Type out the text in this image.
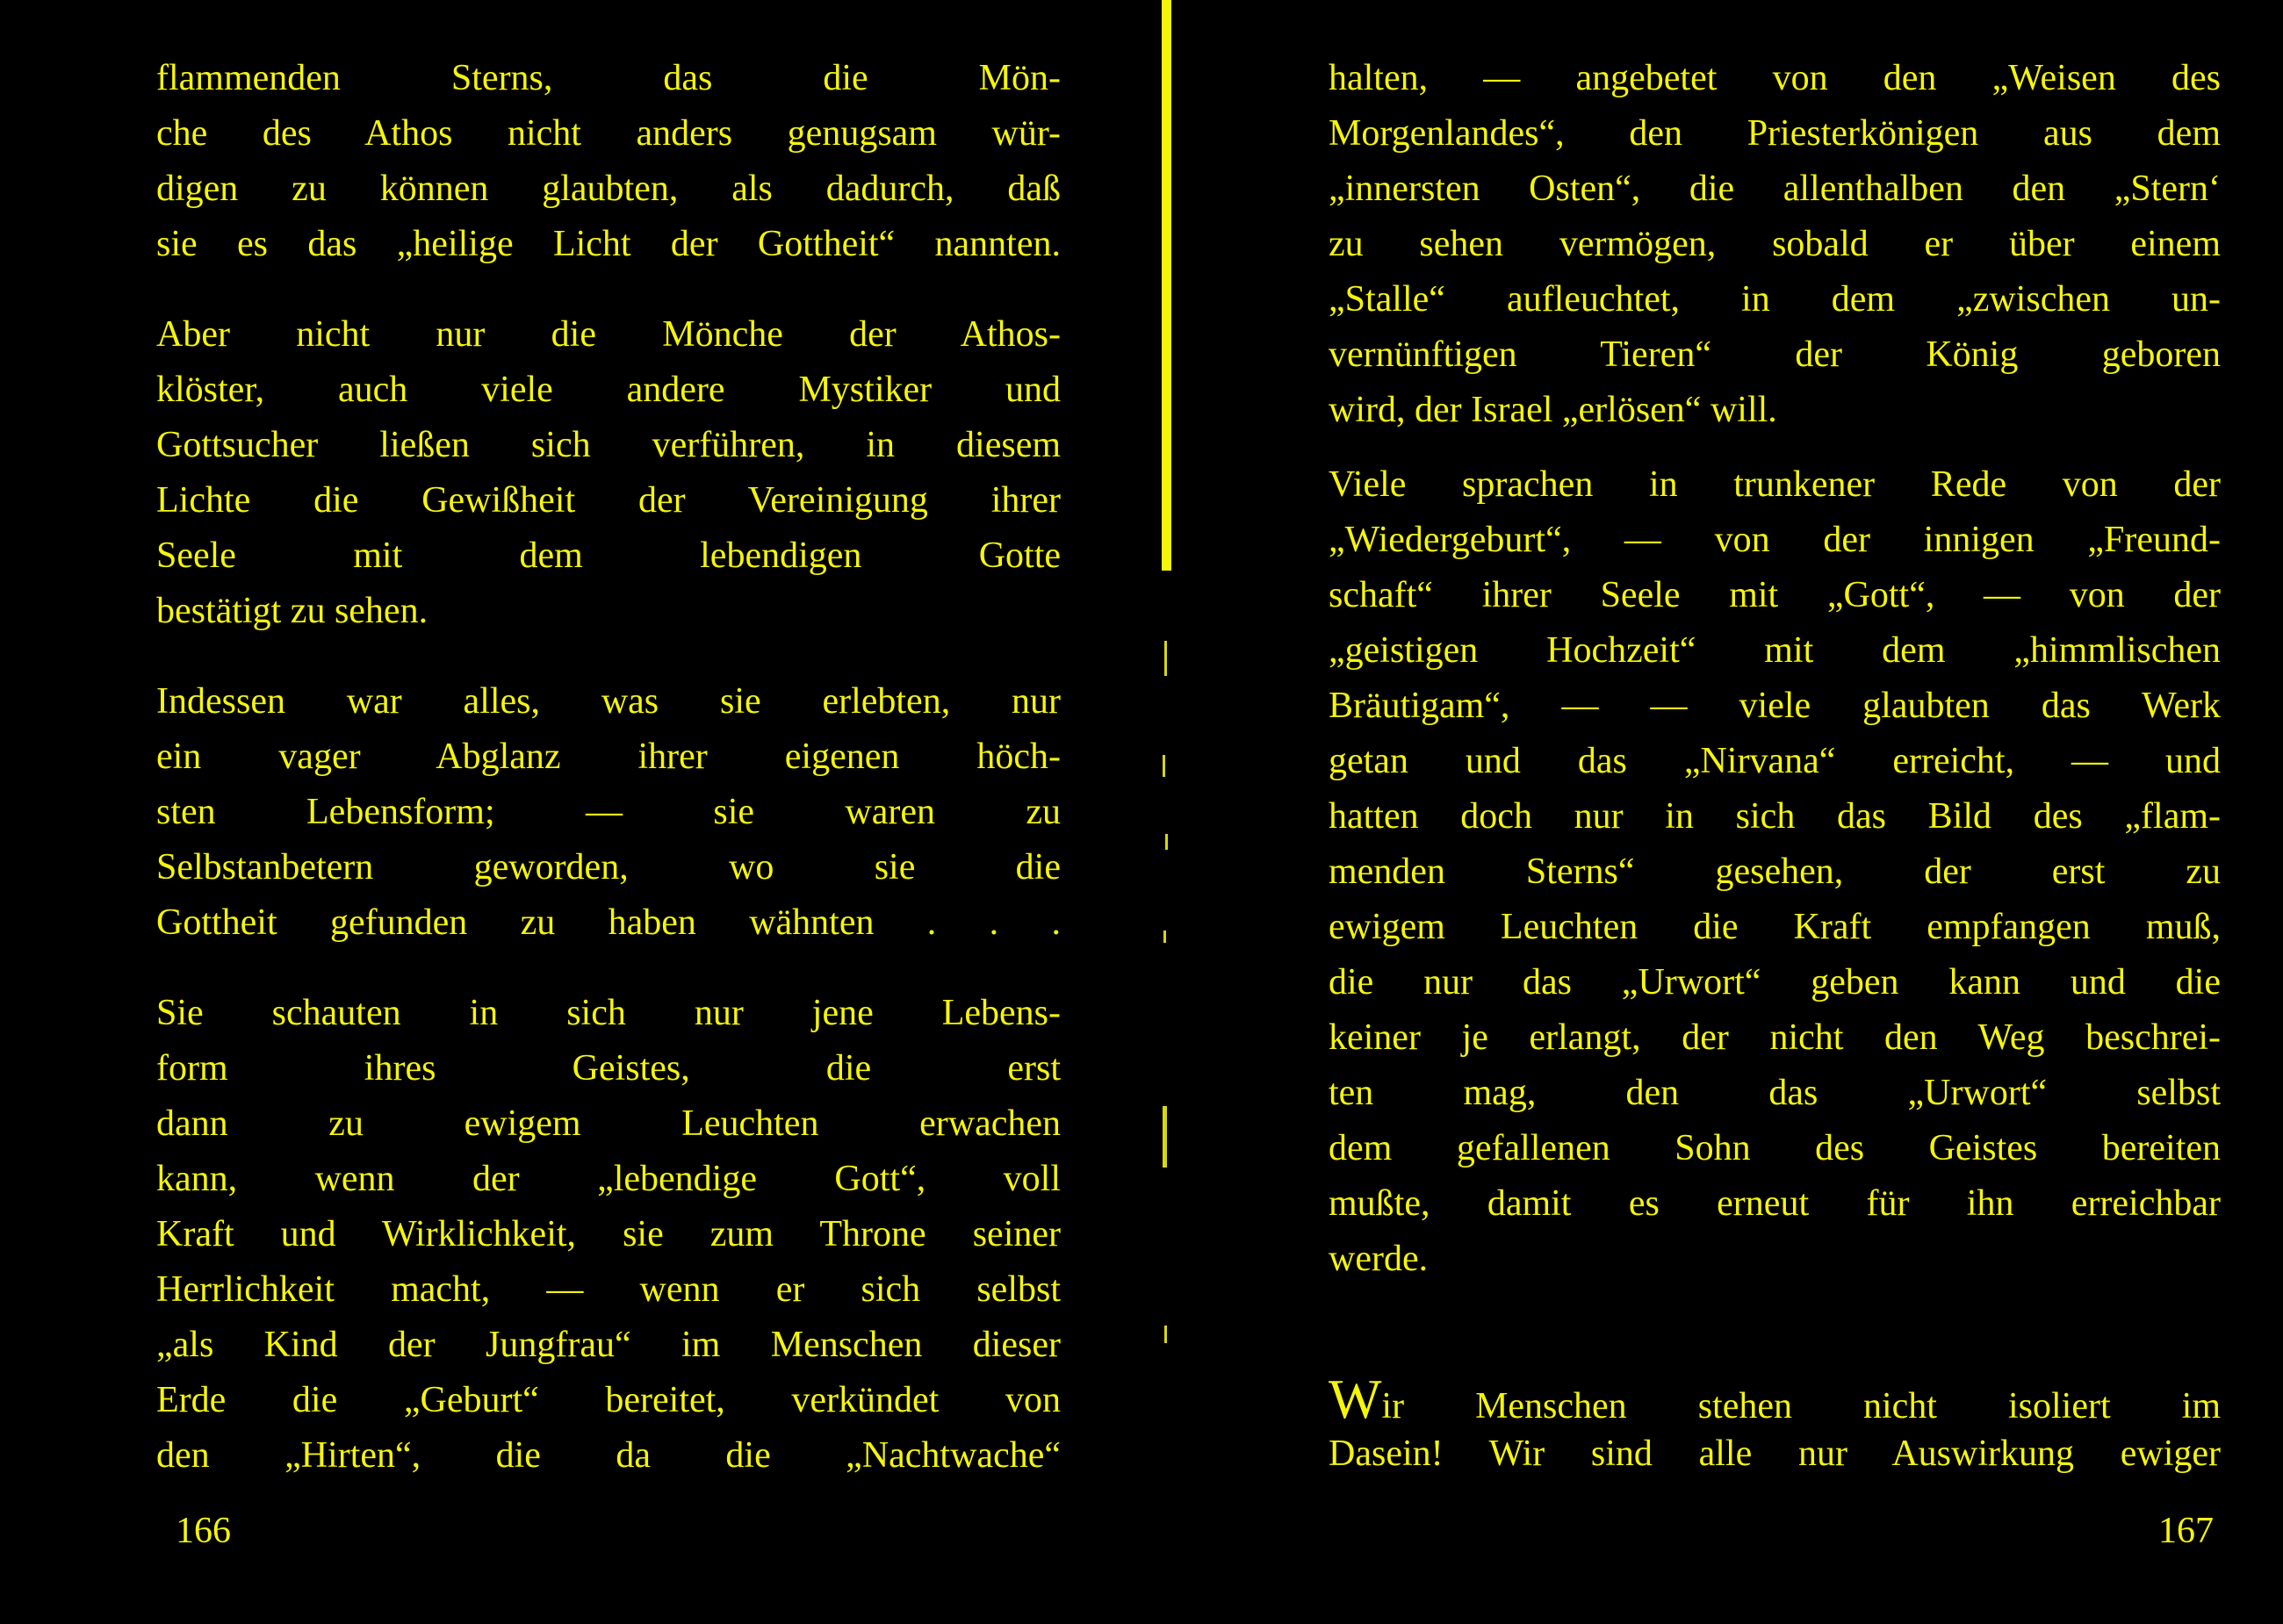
flammenden Sterns, das die Mön-
che des Athos nicht anders genugsam wür-
digen zu können glaubten, als dadurch, daß
sie es das „heilige Licht der Gottheit“ nannten.
Aber nicht nur die Mönche der Athos-
klöster, auch viele andere Mystiker und
Gottsucher ließen sich verführen, in diesem
Lichte die Gewißheit der Vereinigung ihrer
Seele mit dem lebendigen Gotte
bestätigt zu sehen.
Indessen war alles, was sie erlebten, nur
ein vager Abglanz ihrer eigenen höch-
sten Lebensform; — sie waren zu
Selbstanbetern geworden, wo sie die
Gottheit gefunden zu haben wähnten . . .
Sie schauten in sich nur jene Lebens-
form ihres Geistes, die erst
dann zu ewigem Leuchten erwachen
kann, wenn der „lebendige Gott“, voll
Kraft und Wirklichkeit, sie zum Throne seiner
Herrlichkeit macht, — wenn er sich selbst
„als Kind der Jungfrau“ im Menschen dieser
Erde die „Geburt“ bereitet, verkündet von
den „Hirten“, die da die „Nachtwache“
166
halten, — angebetet von den „Weisen des
Morgenlandes“, den Priesterkönigen aus dem
„innersten Osten“, die allenthalben den „Stern‘
zu sehen vermögen, sobald er über einem
„Stalle“ aufleuchtet, in dem „zwischen un-
vernünftigen Tieren“ der König geboren
wird, der Israel „erlösen“ will.
Viele sprachen in trunkener Rede von der
„Wiedergeburt“, — von der innigen „Freund-
schaft“ ihrer Seele mit „Gott“, — von der
„geistigen Hochzeit“ mit dem „himmlischen
Bräutigam“, — — viele glaubten das Werk
getan und das „Nirvana“ erreicht, — und
hatten doch nur in sich das Bild des „flam-
menden Sterns“ gesehen, der erst zu
ewigem Leuchten die Kraft empfangen muß,
die nur das „Urwort“ geben kann und die
keiner je erlangt, der nicht den Weg beschrei-
ten mag, den das „Urwort“ selbst
dem gefallenen Sohn des Geistes bereiten
mußte, damit es erneut für ihn erreichbar
werde.
Wir Menschen stehen nicht isoliert im
Dasein! Wir sind alle nur Auswirkung ewiger
167
